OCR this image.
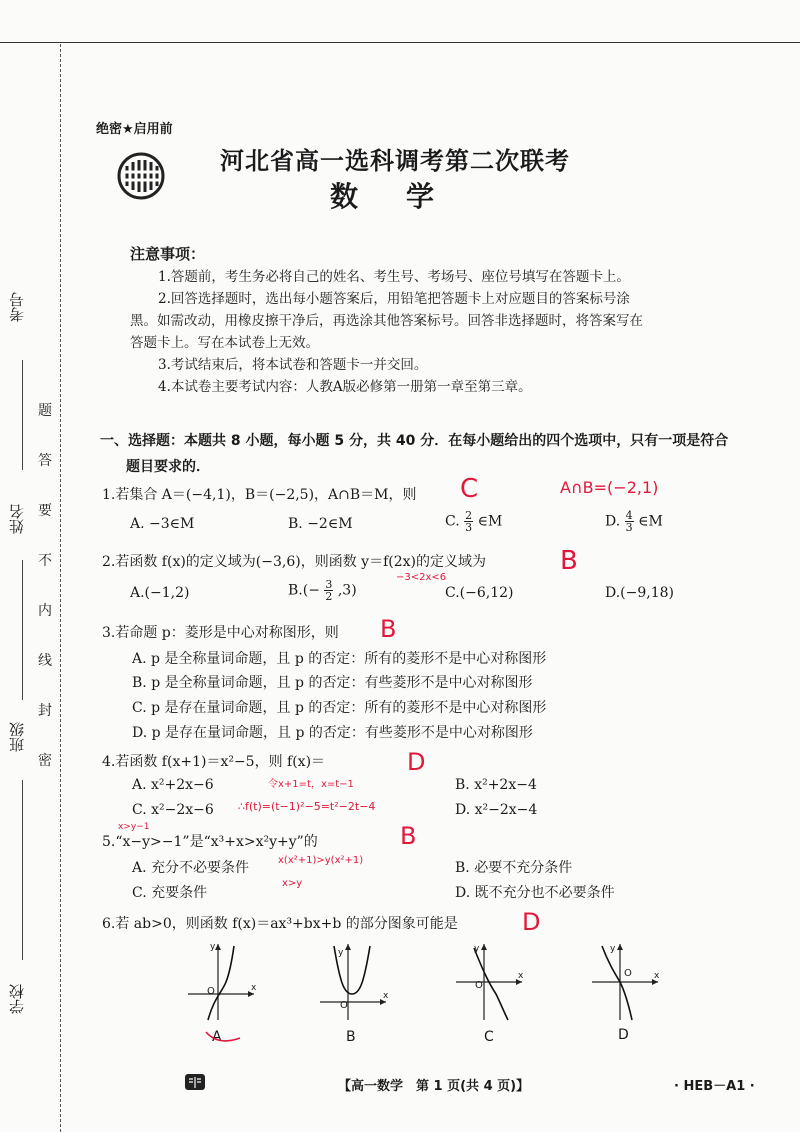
考号
姓名
班级
学校
题
答
要
不
内
线
封
密
绝密★启用前
河北省高一选科调考第二次联考
数学
注意事项：
1.答题前，考生务必将自己的姓名、考生号、考场号、座位号填写在答题卡上。
2.回答选择题时，选出每小题答案后，用铅笔把答题卡上对应题目的答案标号涂
黑。如需改动，用橡皮擦干净后，再选涂其他答案标号。回答非选择题时，将答案写在
答题卡上。写在本试卷上无效。
3.考试结束后，将本试卷和答题卡一并交回。
4.本试卷主要考试内容：人教A版必修第一册第一章至第三章。
一、选择题：本题共 8 小题，每小题 5 分，共 40 分．在每小题给出的四个选项中，只有一项是符合
题目要求的．
1.若集合 A＝(−4,1)，B＝(−2,5)，A∩B＝M，则
A. −3∈M	B. −2∈M	C. $\frac{2}{3}$ ∈M	D. $\frac{4}{3}$ ∈M
C	A∩B=(−2,1)
2.若函数 f(x)的定义域为(−3,6)，则函数 y＝f(2x)的定义域为
A.(−1,2)	$B.(- \frac{3}{2} ,3)$	C.(−6,12)	D.(−9,18)
B
−3<2x<6
3.若命题 p：菱形是中心对称图形，则
A. p 是全称量词命题，且 p 的否定：所有的菱形不是中心对称图形
B. p 是全称量词命题，且 p 的否定：有些菱形不是中心对称图形
C. p 是存在量词命题，且 p 的否定：所有的菱形不是中心对称图形
D. p 是存在量词命题，且 p 的否定：有些菱形不是中心对称图形
B
4.若函数 f(x+1)＝x²−5，则 f(x)＝
A. x²+2x−6	B. x²+2x−4
C. x²−2x−6	D. x²−2x−4
D
令x+1=t，x=t−1
∴f(t)=(t−1)²−5=t²−2t−4
5.“x−y>−1”是“x³+x>x²y+y”的
A. 充分不必要条件	B. 必要不充分条件
C. 充要条件	D. 既不充分也不必要条件
B
x>y−1
x(x²+1)>y(x²+1)
x>y
6.若 ab>0，则函数 f(x)＝ax³+bx+b 的部分图象可能是	D
y
x
O
A
y
x
O
B
y
x
O
C
y
x
O
D
【高一数学　第 1 页(共 4 页)】	· HEB－A1 ·
